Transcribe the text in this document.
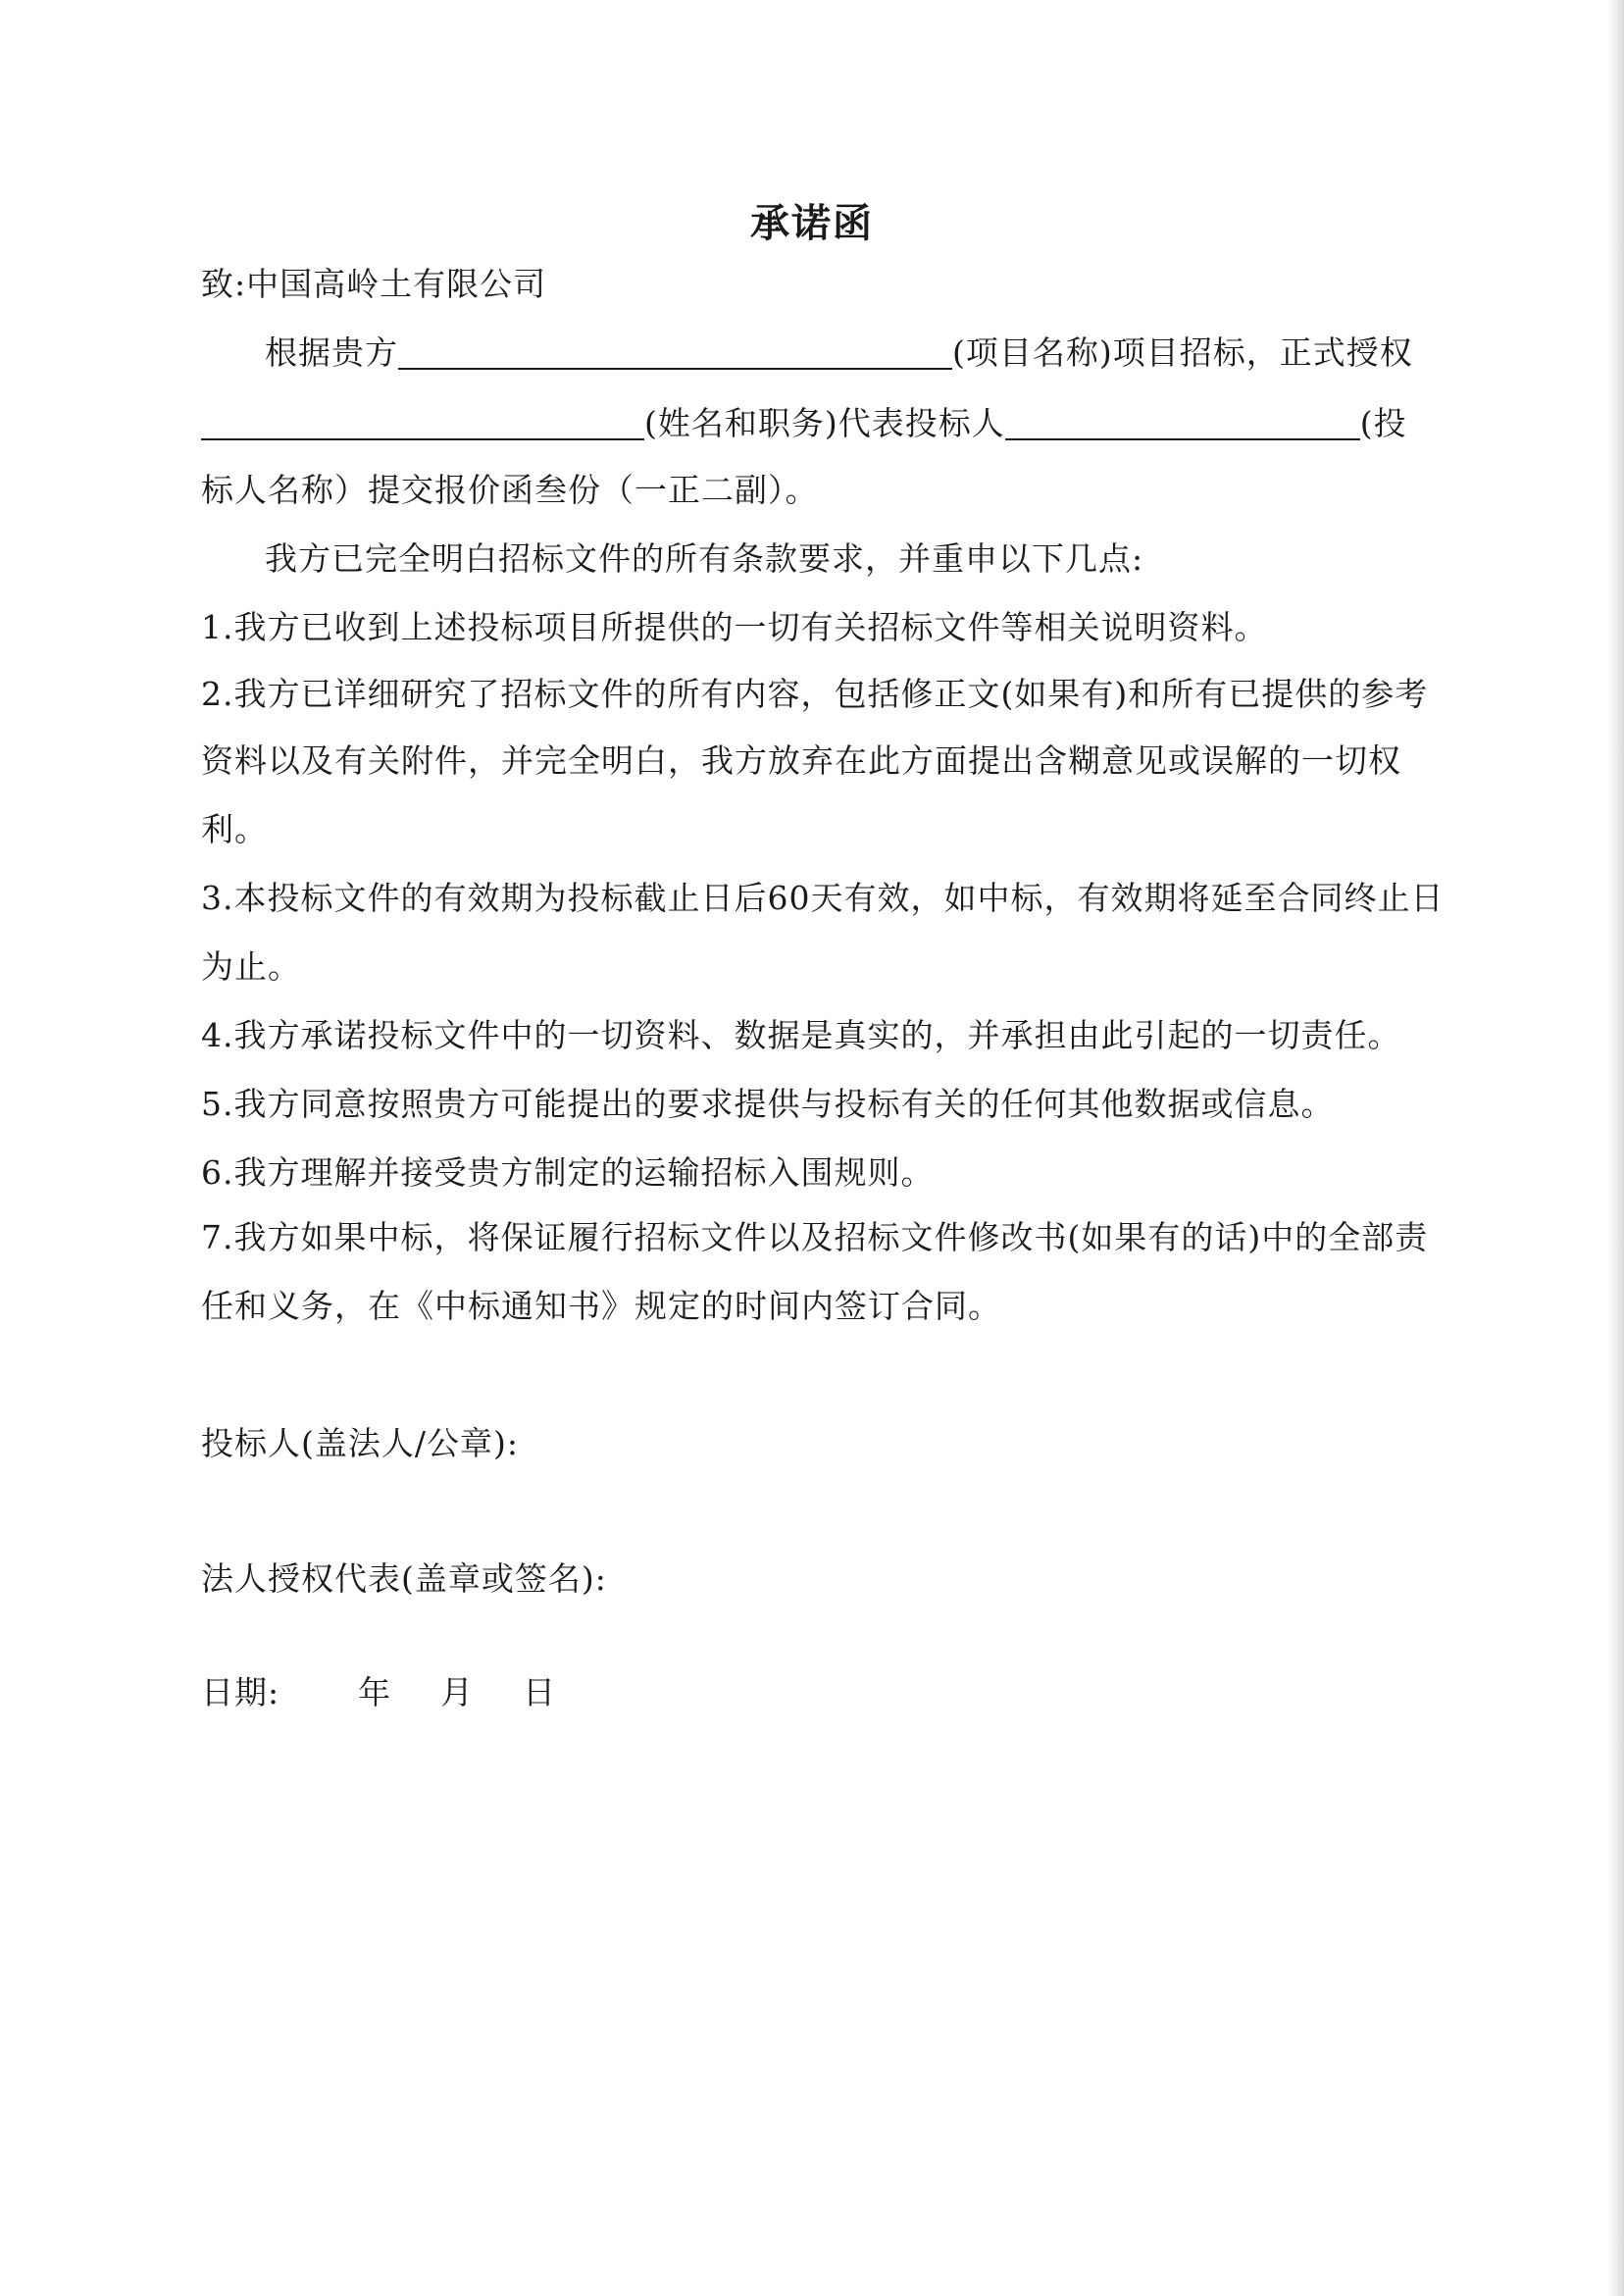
承诺函
致:中国高岭土有限公司
根据贵方	(项目名称)项目招标，正式授权
(姓名和职务)代表投标人	(投
标人名称）提交报价函叁份（一正二副）。
我方已完全明白招标文件的所有条款要求，并重申以下几点:
1.我方已收到上述投标项目所提供的一切有关招标文件等相关说明资料。
2.我方已详细研究了招标文件的所有内容，包括修正文(如果有)和所有已提供的参考
资料以及有关附件，并完全明白，我方放弃在此方面提出含糊意见或误解的一切权
利。
3.本投标文件的有效期为投标截止日后60天有效，如中标，有效期将延至合同终止日
为止。
4.我方承诺投标文件中的一切资料、数据是真实的，并承担由此引起的一切责任。
5.我方同意按照贵方可能提出的要求提供与投标有关的任何其他数据或信息。
6.我方理解并接受贵方制定的运输招标入围规则。
7.我方如果中标，将保证履行招标文件以及招标文件修改书(如果有的话)中的全部责
任和义务，在《中标通知书》规定的时间内签订合同。
投标人(盖法人/公章):
法人授权代表(盖章或签名):
日期: 年 月 日
